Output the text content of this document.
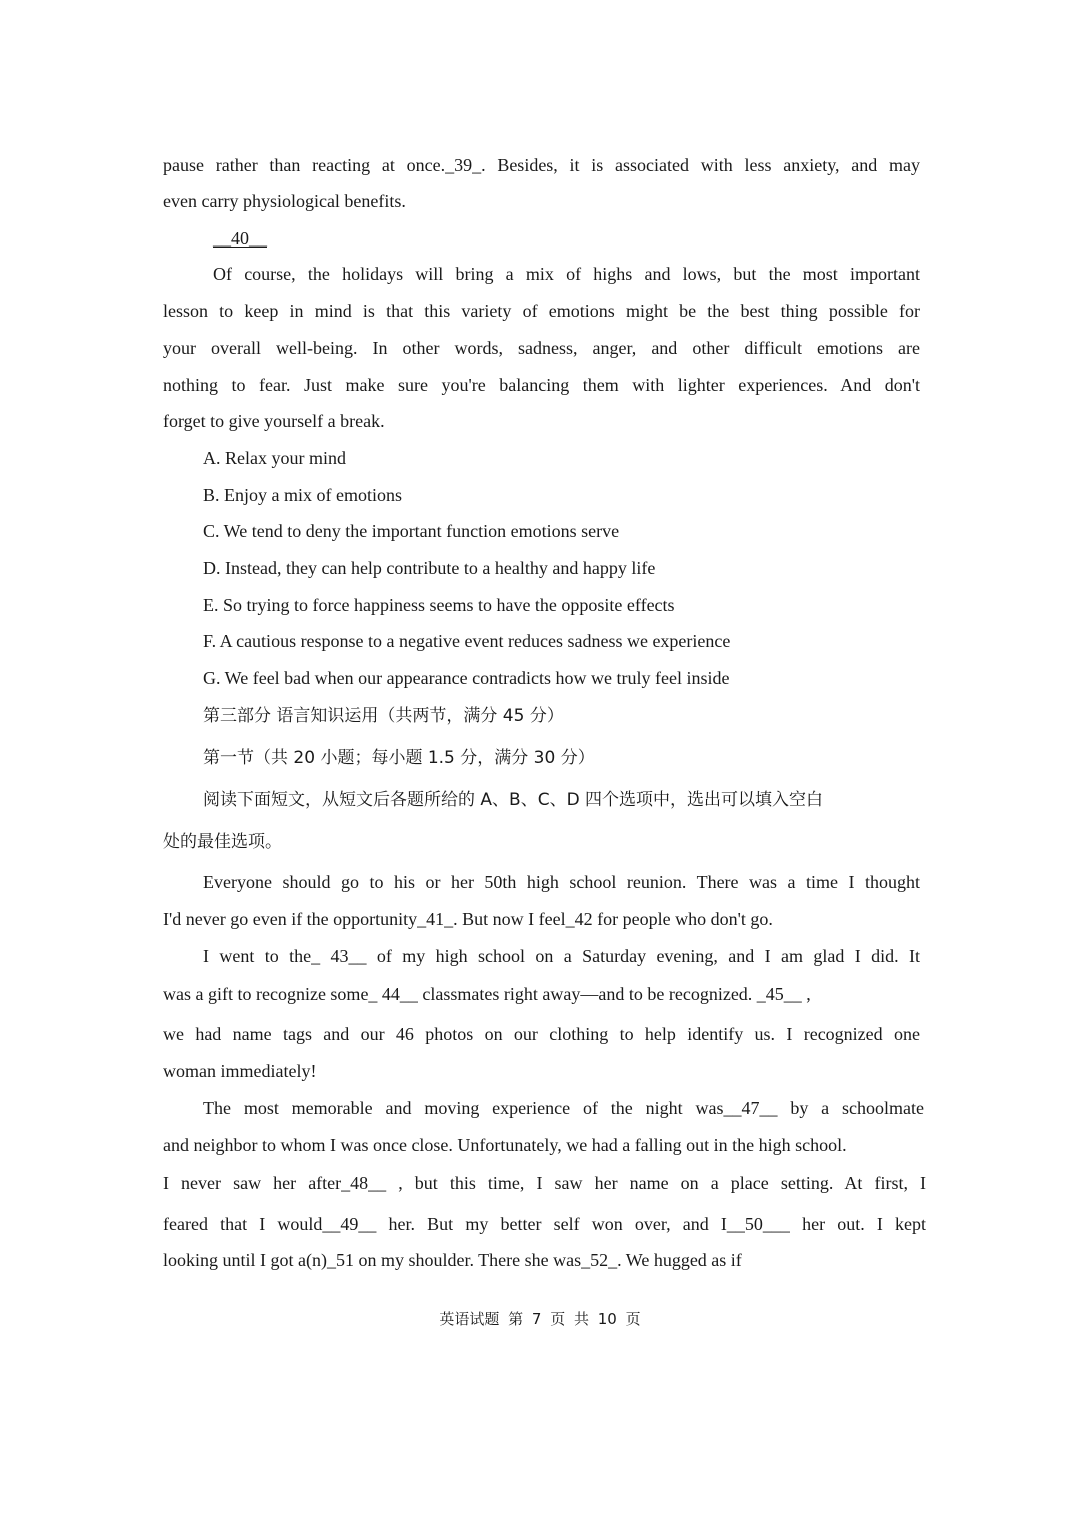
pause rather than reacting at once._39_. Besides, it is associated with less anxiety, and may
even carry physiological benefits.
__40__
Of course, the holidays will bring a mix of highs and lows, but the most important
lesson to keep in mind is that this variety of emotions might be the best thing possible for
your overall well-being. In other words, sadness, anger, and other difficult emotions are
nothing to fear. Just make sure you're balancing them with lighter experiences. And don't
forget to give yourself a break.
A. Relax your mind
B. Enjoy a mix of emotions
C. We tend to deny the important function emotions serve
D. Instead, they can help contribute to a healthy and happy life
E. So trying to force happiness seems to have the opposite effects
F. A cautious response to a negative event reduces sadness we experience
G. We feel bad when our appearance contradicts how we truly feel inside
第三部分 语言知识运用（共两节，满分 45 分）
第一节（共 20 小题；每小题 1.5 分，满分 30 分）
阅读下面短文，从短文后各题所给的 A、B、C、D 四个选项中，选出可以填入空白
处的最佳选项。
Everyone should go to his or her 50th high school reunion. There was a time I thought
I'd never go even if the opportunity_41_. But now I feel_42 for people who don't go.
I went to the_ 43__ of my high school on a Saturday evening, and I am glad I did. It
was a gift to recognize some_ 44__ classmates right away—and to be recognized. _45__ ,
we had name tags and our 46 photos on our clothing to help identify us. I recognized one
woman immediately!
The most memorable and moving experience of the night was__47__ by a schoolmate
and neighbor to whom I was once close. Unfortunately, we had a falling out in the high school.
I never saw her after_48__ , but this time, I saw her name on a place setting. At first, I
feared that I would__49__ her. But my better self won over, and I__50___ her out. I kept
looking until I got a(n)_51 on my shoulder. There she was_52_. We hugged as if
英语试题 第 7 页 共 10 页
